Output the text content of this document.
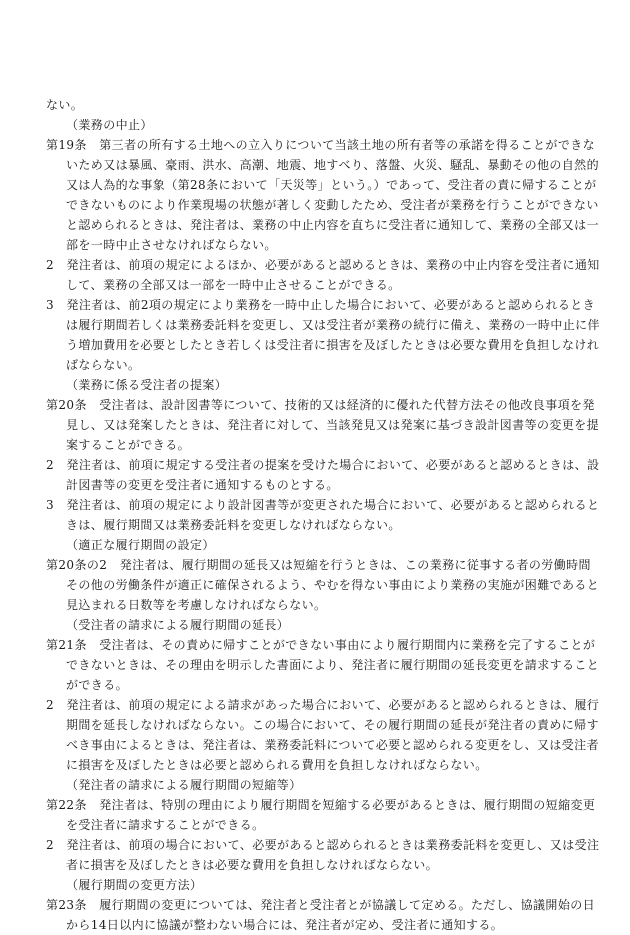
ない。

（業務の中止）

第19条　第三者の所有する土地への立入りについて当該土地の所有者等の承諾を得ることができないため又は暴風、豪雨、洪水、高潮、地震、地すべり、落盤、火災、騒乱、暴動その他の自然的又は人為的な事象（第28条において「天災等」という。）であって、受注者の責に帰することができないものにより作業現場の状態が著しく変動したため、受注者が業務を行うことができないと認められるときは、発注者は、業務の中止内容を直ちに受注者に通知して、業務の全部又は一部を一時中止させなければならない。

2　発注者は、前項の規定によるほか、必要があると認めるときは、業務の中止内容を受注者に通知して、業務の全部又は一部を一時中止させることができる。

3　発注者は、前2項の規定により業務を一時中止した場合において、必要があると認められるときは履行期間若しくは業務委託料を変更し、又は受注者が業務の続行に備え、業務の一時中止に伴う増加費用を必要としたとき若しくは受注者に損害を及ぼしたときは必要な費用を負担しなければならない。

（業務に係る受注者の提案）

第20条　受注者は、設計図書等について、技術的又は経済的に優れた代替方法その他改良事項を発見し、又は発案したときは、発注者に対して、当該発見又は発案に基づき設計図書等の変更を提案することができる。

2　発注者は、前項に規定する受注者の提案を受けた場合において、必要があると認めるときは、設計図書等の変更を受注者に通知するものとする。

3　発注者は、前項の規定により設計図書等が変更された場合において、必要があると認められるときは、履行期間又は業務委託料を変更しなければならない。

（適正な履行期間の設定）

第20条の2　発注者は、履行期間の延長又は短縮を行うときは、この業務に従事する者の労働時間その他の労働条件が適正に確保されるよう、やむを得ない事由により業務の実施が困難であると見込まれる日数等を考慮しなければならない。

（受注者の請求による履行期間の延長）

第21条　受注者は、その責めに帰すことができない事由により履行期間内に業務を完了することができないときは、その理由を明示した書面により、発注者に履行期間の延長変更を請求することができる。

2　発注者は、前項の規定による請求があった場合において、必要があると認められるときは、履行期間を延長しなければならない。この場合において、その履行期間の延長が発注者の責めに帰すべき事由によるときは、発注者は、業務委託料について必要と認められる変更をし、又は受注者に損害を及ぼしたときは必要と認められる費用を負担しなければならない。

（発注者の請求による履行期間の短縮等）

第22条　発注者は、特別の理由により履行期間を短縮する必要があるときは、履行期間の短縮変更を受注者に請求することができる。

2　発注者は、前項の場合において、必要があると認められるときは業務委託料を変更し、又は受注者に損害を及ぼしたときは必要な費用を負担しなければならない。

（履行期間の変更方法）

第23条　履行期間の変更については、発注者と受注者とが協議して定める。ただし、協議開始の日から14日以内に協議が整わない場合には、発注者が定め、受注者に通知する。
